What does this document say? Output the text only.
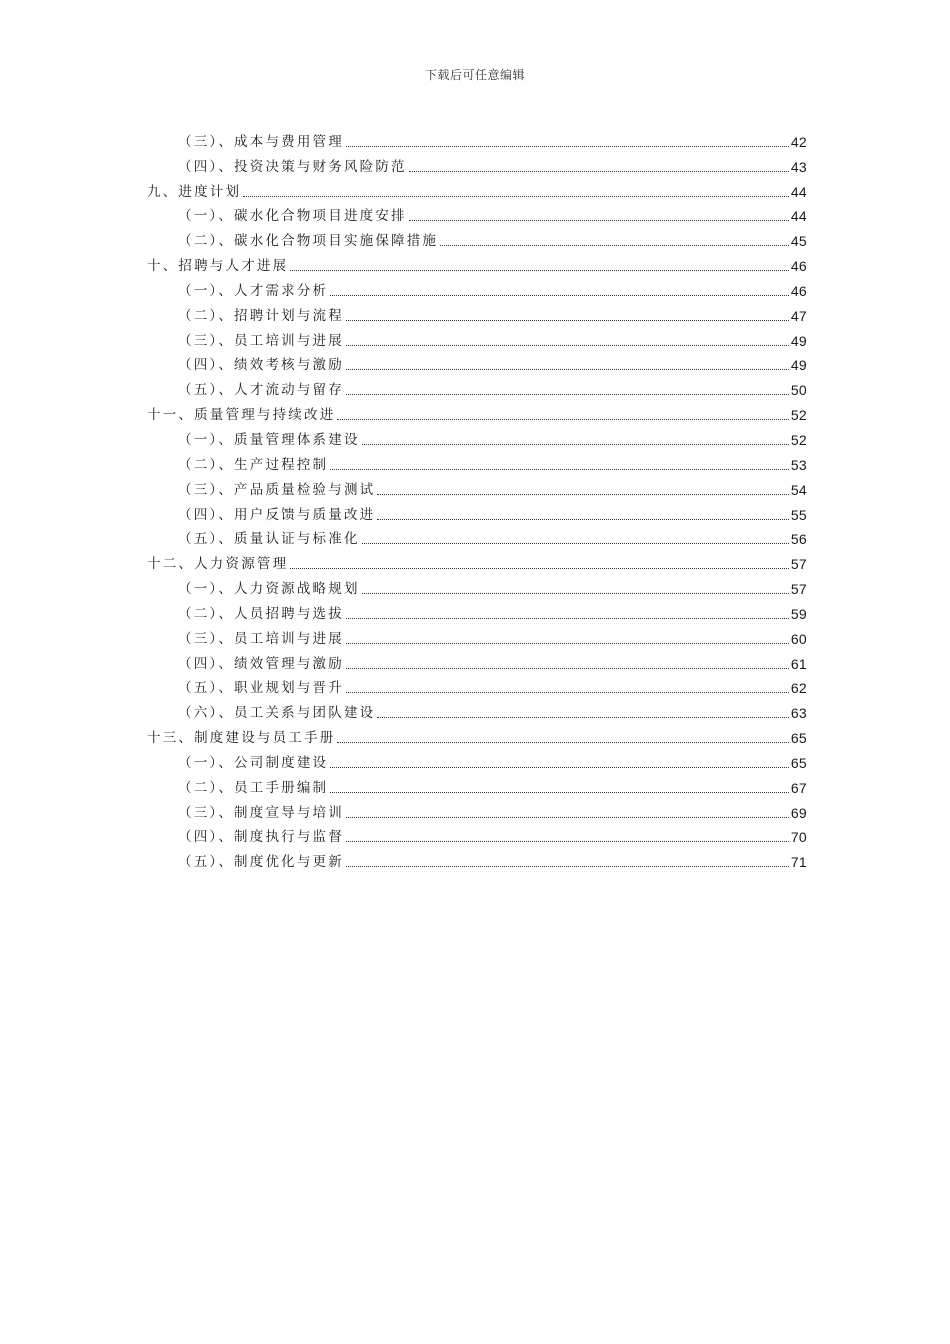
下载后可任意编辑
（三）、成本与费用管理	42
（四）、投资决策与财务风险防范	43
九、进度计划	44
（一）、碳水化合物项目进度安排	44
（二）、碳水化合物项目实施保障措施	45
十、招聘与人才进展	46
（一）、人才需求分析	46
（二）、招聘计划与流程	47
（三）、员工培训与进展	49
（四）、绩效考核与激励	49
（五）、人才流动与留存	50
十一、质量管理与持续改进	52
（一）、质量管理体系建设	52
（二）、生产过程控制	53
（三）、产品质量检验与测试	54
（四）、用户反馈与质量改进	55
（五）、质量认证与标准化	56
十二、人力资源管理	57
（一）、人力资源战略规划	57
（二）、人员招聘与选拔	59
（三）、员工培训与进展	60
（四）、绩效管理与激励	61
（五）、职业规划与晋升	62
（六）、员工关系与团队建设	63
十三、制度建设与员工手册	65
（一）、公司制度建设	65
（二）、员工手册编制	67
（三）、制度宣导与培训	69
（四）、制度执行与监督	70
（五）、制度优化与更新	71
